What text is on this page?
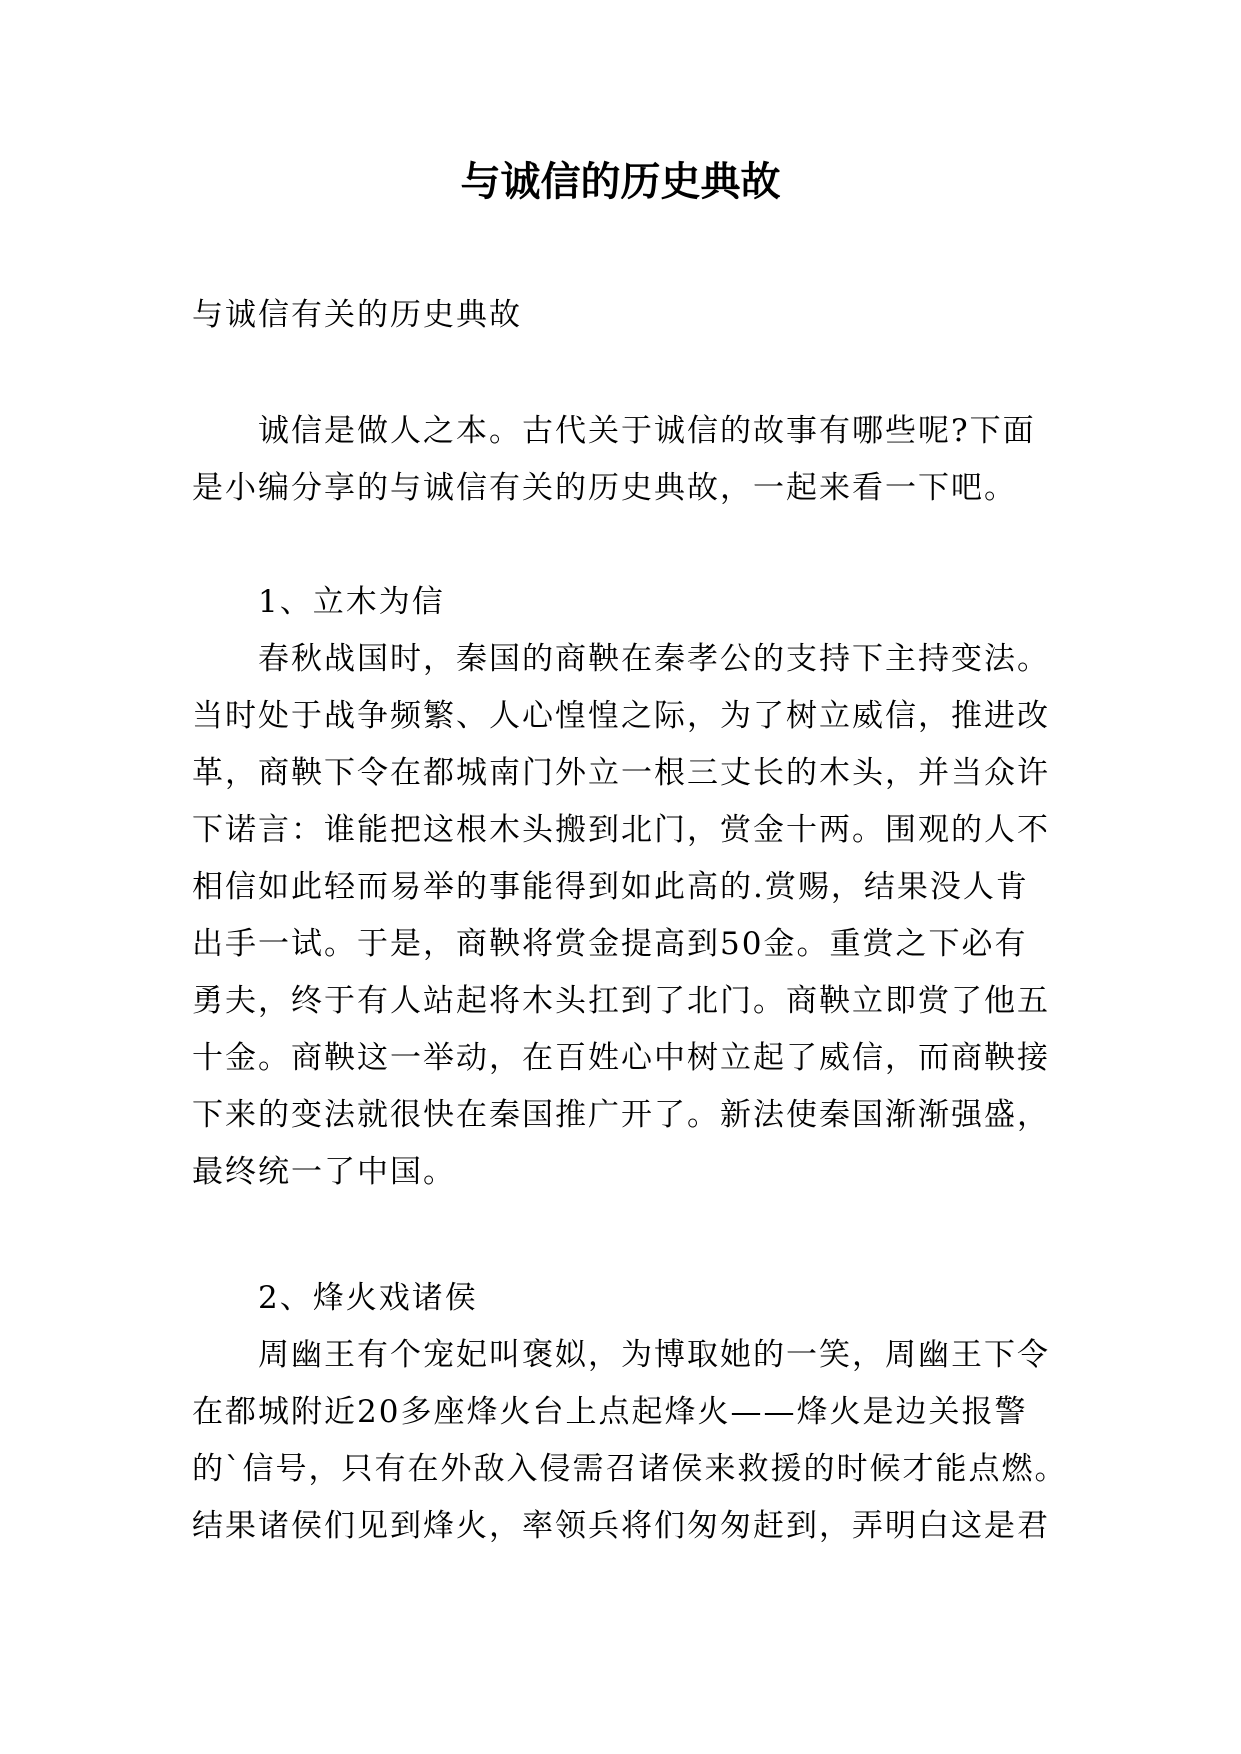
与诚信的历史典故

与诚信有关的历史典故

诚信是做人之本。古代关于诚信的故事有哪些呢?下面
是小编分享的与诚信有关的历史典故，一起来看一下吧。

1、立木为信

春秋战国时，秦国的商鞅在秦孝公的支持下主持变法。
当时处于战争频繁、人心惶惶之际，为了树立威信，推进改
革，商鞅下令在都城南门外立一根三丈长的木头，并当众许
下诺言：谁能把这根木头搬到北门，赏金十两。围观的人不
相信如此轻而易举的事能得到如此高的.赏赐，结果没人肯
出手一试。于是，商鞅将赏金提高到50金。重赏之下必有
勇夫，终于有人站起将木头扛到了北门。商鞅立即赏了他五
十金。商鞅这一举动，在百姓心中树立起了威信，而商鞅接
下来的变法就很快在秦国推广开了。新法使秦国渐渐强盛，
最终统一了中国。

2、烽火戏诸侯

周幽王有个宠妃叫褒姒，为博取她的一笑，周幽王下令
在都城附近20多座烽火台上点起烽火——烽火是边关报警
的`信号，只有在外敌入侵需召诸侯来救援的时候才能点燃。
结果诸侯们见到烽火，率领兵将们匆匆赶到，弄明白这是君
